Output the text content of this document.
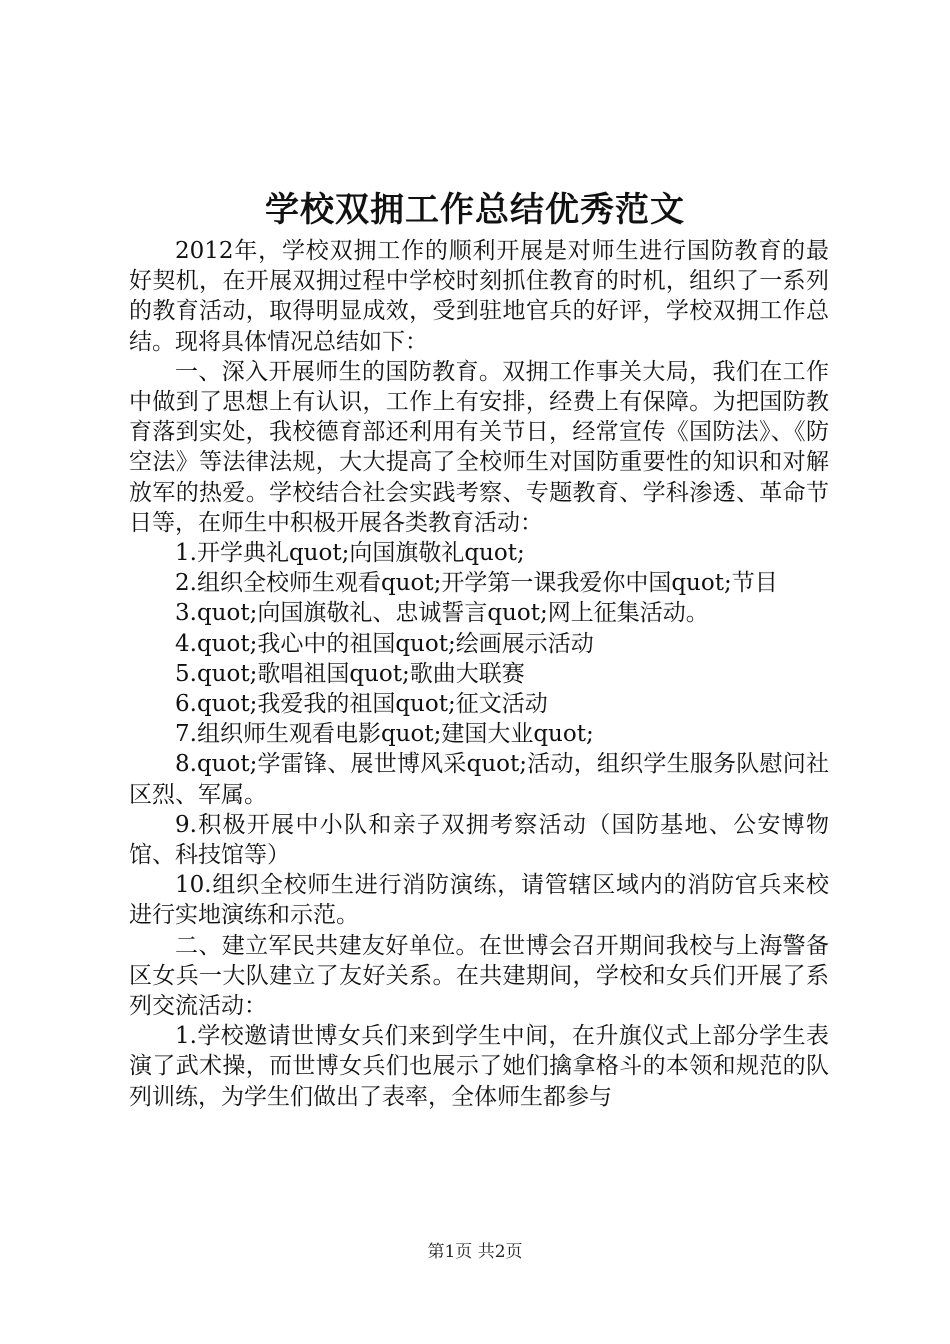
学校双拥工作总结优秀范文

2012年，学校双拥工作的顺利开展是对师生进行国防教育的最好契机，在开展双拥过程中学校时刻抓住教育的时机，组织了一系列的教育活动，取得明显成效，受到驻地官兵的好评，学校双拥工作总结。现将具体情况总结如下：

一、深入开展师生的国防教育。双拥工作事关大局，我们在工作中做到了思想上有认识，工作上有安排，经费上有保障。为把国防教育落到实处，我校德育部还利用有关节日，经常宣传《国防法》、《防空法》等法律法规，大大提高了全校师生对国防重要性的知识和对解放军的热爱。学校结合社会实践考察、专题教育、学科渗透、革命节日等，在师生中积极开展各类教育活动：

1.开学典礼quot;向国旗敬礼quot;

2.组织全校师生观看quot;开学第一课我爱你中国quot;节目

3.quot;向国旗敬礼、忠诚誓言quot;网上征集活动。

4.quot;我心中的祖国quot;绘画展示活动

5.quot;歌唱祖国quot;歌曲大联赛

6.quot;我爱我的祖国quot;征文活动

7.组织师生观看电影quot;建国大业quot;

8.quot;学雷锋、展世博风采quot;活动，组织学生服务队慰问社区烈、军属。

9.积极开展中小队和亲子双拥考察活动（国防基地、公安博物馆、科技馆等）

10.组织全校师生进行消防演练，请管辖区域内的消防官兵来校进行实地演练和示范。

二、建立军民共建友好单位。在世博会召开期间我校与上海警备区女兵一大队建立了友好关系。在共建期间，学校和女兵们开展了系列交流活动：

1.学校邀请世博女兵们来到学生中间，在升旗仪式上部分学生表演了武术操，而世博女兵们也展示了她们擒拿格斗的本领和规范的队列训练，为学生们做出了表率，全体师生都参与

第1页 共2页
